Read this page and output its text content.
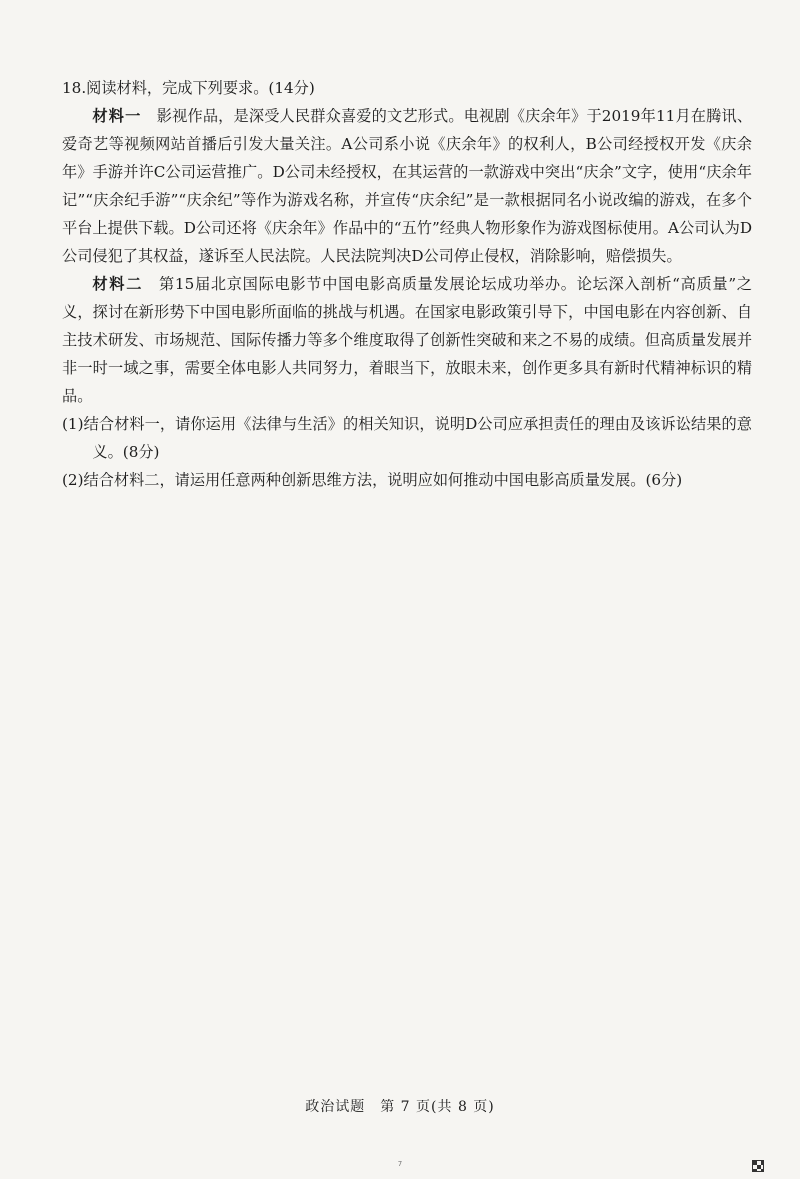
18.阅读材料，完成下列要求。(14分)

材料一　 影视作品，是深受人民群众喜爱的文艺形式。电视剧《庆余年》于2019年11月在腾讯、爱奇艺等视频网站首播后引发大量关注。A公司系小说《庆余年》的权利人，B公司经授权开发《庆余年》手游并许C公司运营推广。D公司未经授权，在其运营的一款游戏中突出“庆余”文字，使用“庆余年记”“庆余纪手游”“庆余纪”等作为游戏名称，并宣传“庆余纪”是一款根据同名小说改编的游戏，在多个平台上提供下载。D公司还将《庆余年》作品中的“五竹”经典人物形象作为游戏图标使用。A公司认为D公司侵犯了其权益，遂诉至人民法院。人民法院判决D公司停止侵权，消除影响，赔偿损失。

材料二　 第15届北京国际电影节中国电影高质量发展论坛成功举办。论坛深入剖析“高质量”之义，探讨在新形势下中国电影所面临的挑战与机遇。在国家电影政策引导下，中国电影在内容创新、自主技术研发、市场规范、国际传播力等多个维度取得了创新性突破和来之不易的成绩。但高质量发展并非一时一域之事，需要全体电影人共同努力，着眼当下，放眼未来，创作更多具有新时代精神标识的精品。

(1)结合材料一，请你运用《法律与生活》的相关知识，说明D公司应承担责任的理由及该诉讼结果的意义。(8分)

(2)结合材料二，请运用任意两种创新思维方法，说明应如何推动中国电影高质量发展。(6分)

政治试题　第 7 页(共 8 页)
7
